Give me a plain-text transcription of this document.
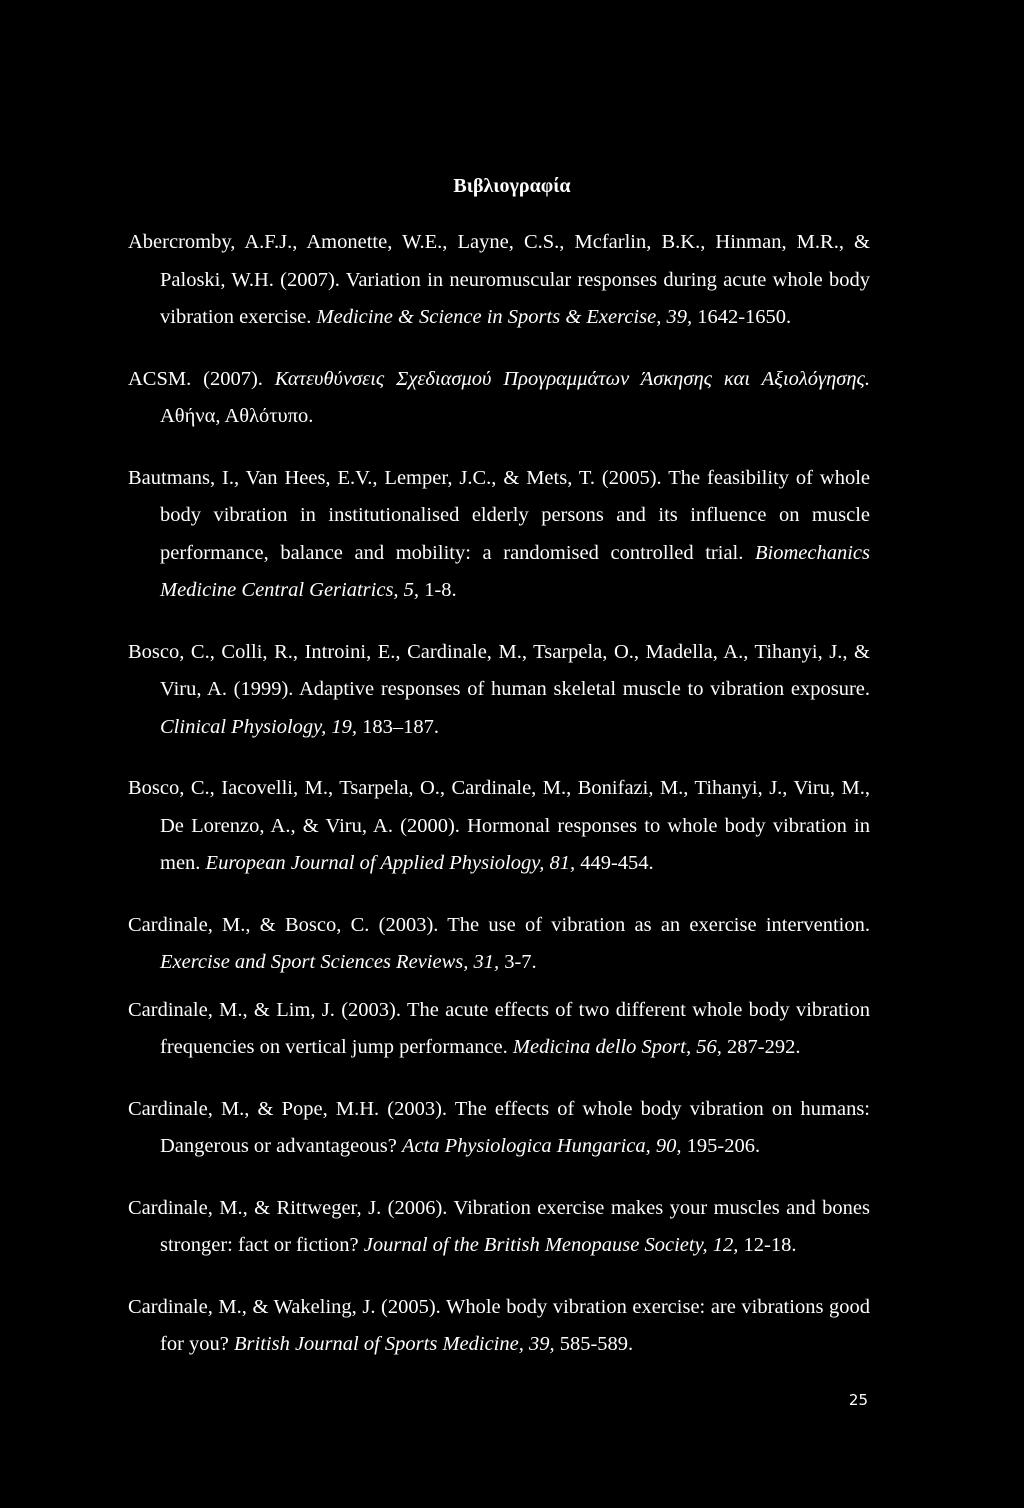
Βιβλιογραφία

Abercromby, A.F.J., Amonette, W.E., Layne, C.S., Mcfarlin, B.K., Hinman, M.R., & Paloski, W.H. (2007). Variation in neuromuscular responses during acute whole body vibration exercise. Medicine & Science in Sports & Exercise, 39, 1642-1650.

ACSM. (2007). Κατευθύνσεις Σχεδιασμού Προγραμμάτων Άσκησης και Αξιολόγησης. Αθήνα, Αθλότυπο.

Bautmans, I., Van Hees, E.V., Lemper, J.C., & Mets, T. (2005). The feasibility of whole body vibration in institutionalised elderly persons and its influence on muscle performance, balance and mobility: a randomised controlled trial. Biomechanics Medicine Central Geriatrics, 5, 1-8.

Bosco, C., Colli, R., Introini, E., Cardinale, M., Tsarpela, O., Madella, A., Tihanyi, J., & Viru, A. (1999). Adaptive responses of human skeletal muscle to vibration exposure. Clinical Physiology, 19, 183–187.

Bosco, C., Iacovelli, M., Tsarpela, O., Cardinale, M., Bonifazi, M., Tihanyi, J., Viru, M., De Lorenzo, A., & Viru, A. (2000). Hormonal responses to whole body vibration in men. European Journal of Applied Physiology, 81, 449-454.

Cardinale, M., & Bosco, C. (2003). The use of vibration as an exercise intervention. Exercise and Sport Sciences Reviews, 31, 3-7.

Cardinale, M., & Lim, J. (2003). The acute effects of two different whole body vibration frequencies on vertical jump performance. Medicina dello Sport, 56, 287-292.

Cardinale, M., & Pope, M.H. (2003). The effects of whole body vibration on humans: Dangerous or advantageous? Acta Physiologica Hungarica, 90, 195-206.

Cardinale, M., & Rittweger, J. (2006). Vibration exercise makes your muscles and bones stronger: fact or fiction? Journal of the British Menopause Society, 12, 12-18.

Cardinale, M., & Wakeling, J. (2005). Whole body vibration exercise: are vibrations good for you? British Journal of Sports Medicine, 39, 585-589.

25
